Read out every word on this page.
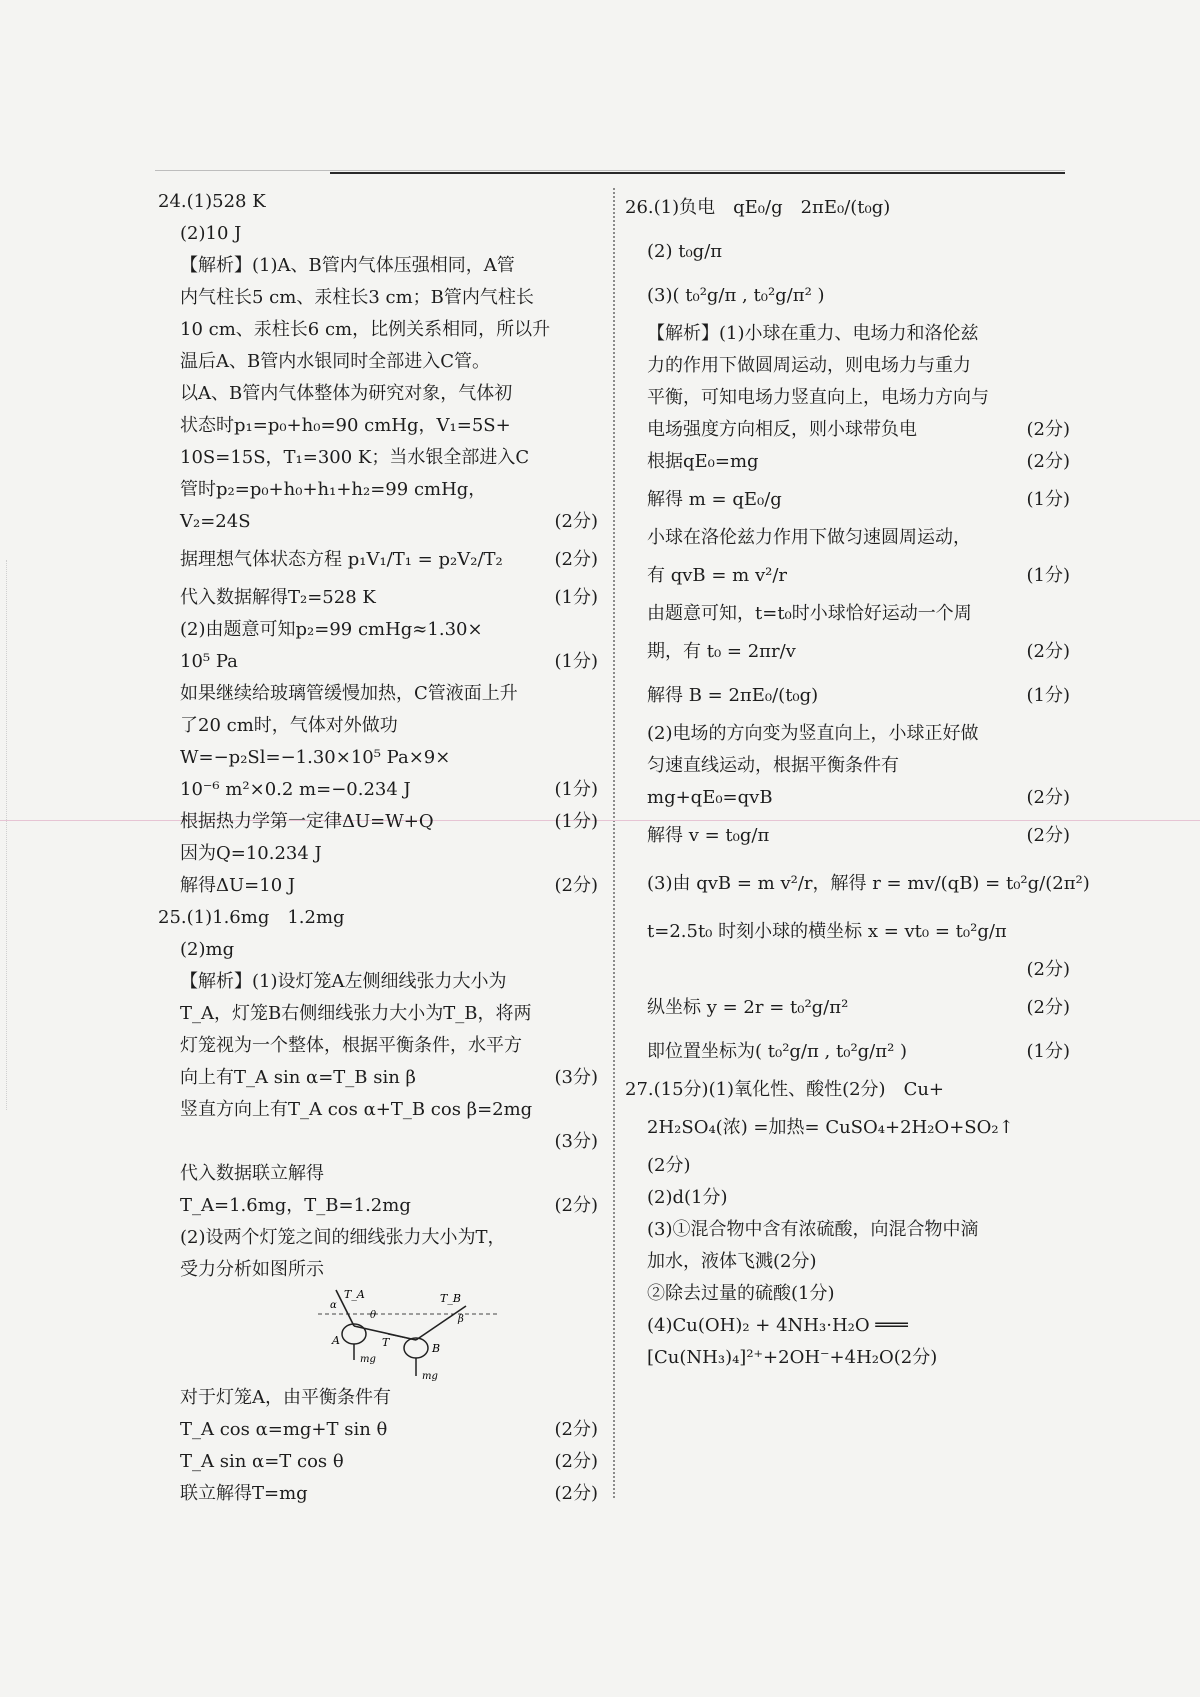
24.(1)528 K
(2)10 J
【解析】(1)A、B管内气体压强相同，A管
内气柱长5 cm、汞柱长3 cm；B管内气柱长
10 cm、汞柱长6 cm，比例关系相同，所以升
温后A、B管内水银同时全部进入C管。
以A、B管内气体整体为研究对象，气体初
状态时p₁=p₀+h₀=90 cmHg，V₁=5S+
10S=15S，T₁=300 K；当水银全部进入C
管时p₂=p₀+h₀+h₁+h₂=99 cmHg，
V₂=24S	(2分)
据理想气体状态方程 p₁V₁/T₁ = p₂V₂/T₂	(2分)
代入数据解得T₂=528 K	(1分)
(2)由题意可知p₂=99 cmHg≈1.30×
10⁵ Pa	(1分)
如果继续给玻璃管缓慢加热，C管液面上升
了20 cm时，气体对外做功
W=−p₂Sl=−1.30×10⁵ Pa×9×
10⁻⁶ m²×0.2 m=−0.234 J	(1分)
根据热力学第一定律ΔU=W+Q	(1分)
因为Q=10.234 J
解得ΔU=10 J	(2分)
25.(1)1.6mg　1.2mg
(2)mg
【解析】(1)设灯笼A左侧细线张力大小为
T_A，灯笼B右侧细线张力大小为T_B，将两
灯笼视为一个整体，根据平衡条件，水平方
向上有T_A sin α=T_B sin β	(3分)
竖直方向上有T_A cos α+T_B cos β=2mg
(3分)
代入数据联立解得
T_A=1.6mg，T_B=1.2mg	(2分)
(2)设两个灯笼之间的细线张力大小为T，
受力分析如图所示
T_A
α
θ
T_B
β
T
A
B
mg
mg
对于灯笼A，由平衡条件有
T_A cos α=mg+T sin θ	(2分)
T_A sin α=T cos θ	(2分)
联立解得T=mg	(2分)
26.(1)负电　qE₀/g　2πE₀/(t₀g)
(2) t₀g/π
(3)( t₀²g/π , t₀²g/π² )
【解析】(1)小球在重力、电场力和洛伦兹
力的作用下做圆周运动，则电场力与重力
平衡，可知电场力竖直向上，电场力方向与
电场强度方向相反，则小球带负电	(2分)
根据qE₀=mg	(2分)
解得 m = qE₀/g	(1分)
小球在洛伦兹力作用下做匀速圆周运动，
有 qvB = m v²/r	(1分)
由题意可知，t=t₀时小球恰好运动一个周
期，有 t₀ = 2πr/v	(2分)
解得 B = 2πE₀/(t₀g)	(1分)
(2)电场的方向变为竖直向上，小球正好做
匀速直线运动，根据平衡条件有
mg+qE₀=qvB	(2分)
解得 v = t₀g/π	(2分)
(3)由 qvB = m v²/r，解得 r = mv/(qB) = t₀²g/(2π²)
t=2.5t₀ 时刻小球的横坐标 x = vt₀ = t₀²g/π
(2分)
纵坐标 y = 2r = t₀²g/π²	(2分)
即位置坐标为( t₀²g/π , t₀²g/π² )	(1分)
27.(15分)(1)氧化性、酸性(2分)　Cu+
2H₂SO₄(浓) =加热= CuSO₄+2H₂O+SO₂↑
(2分)
(2)d(1分)
(3)①混合物中含有浓硫酸，向混合物中滴
加水，液体飞溅(2分)
②除去过量的硫酸(1分)
(4)Cu(OH)₂ + 4NH₃·H₂O ═══
[Cu(NH₃)₄]²⁺+2OH⁻+4H₂O(2分)
